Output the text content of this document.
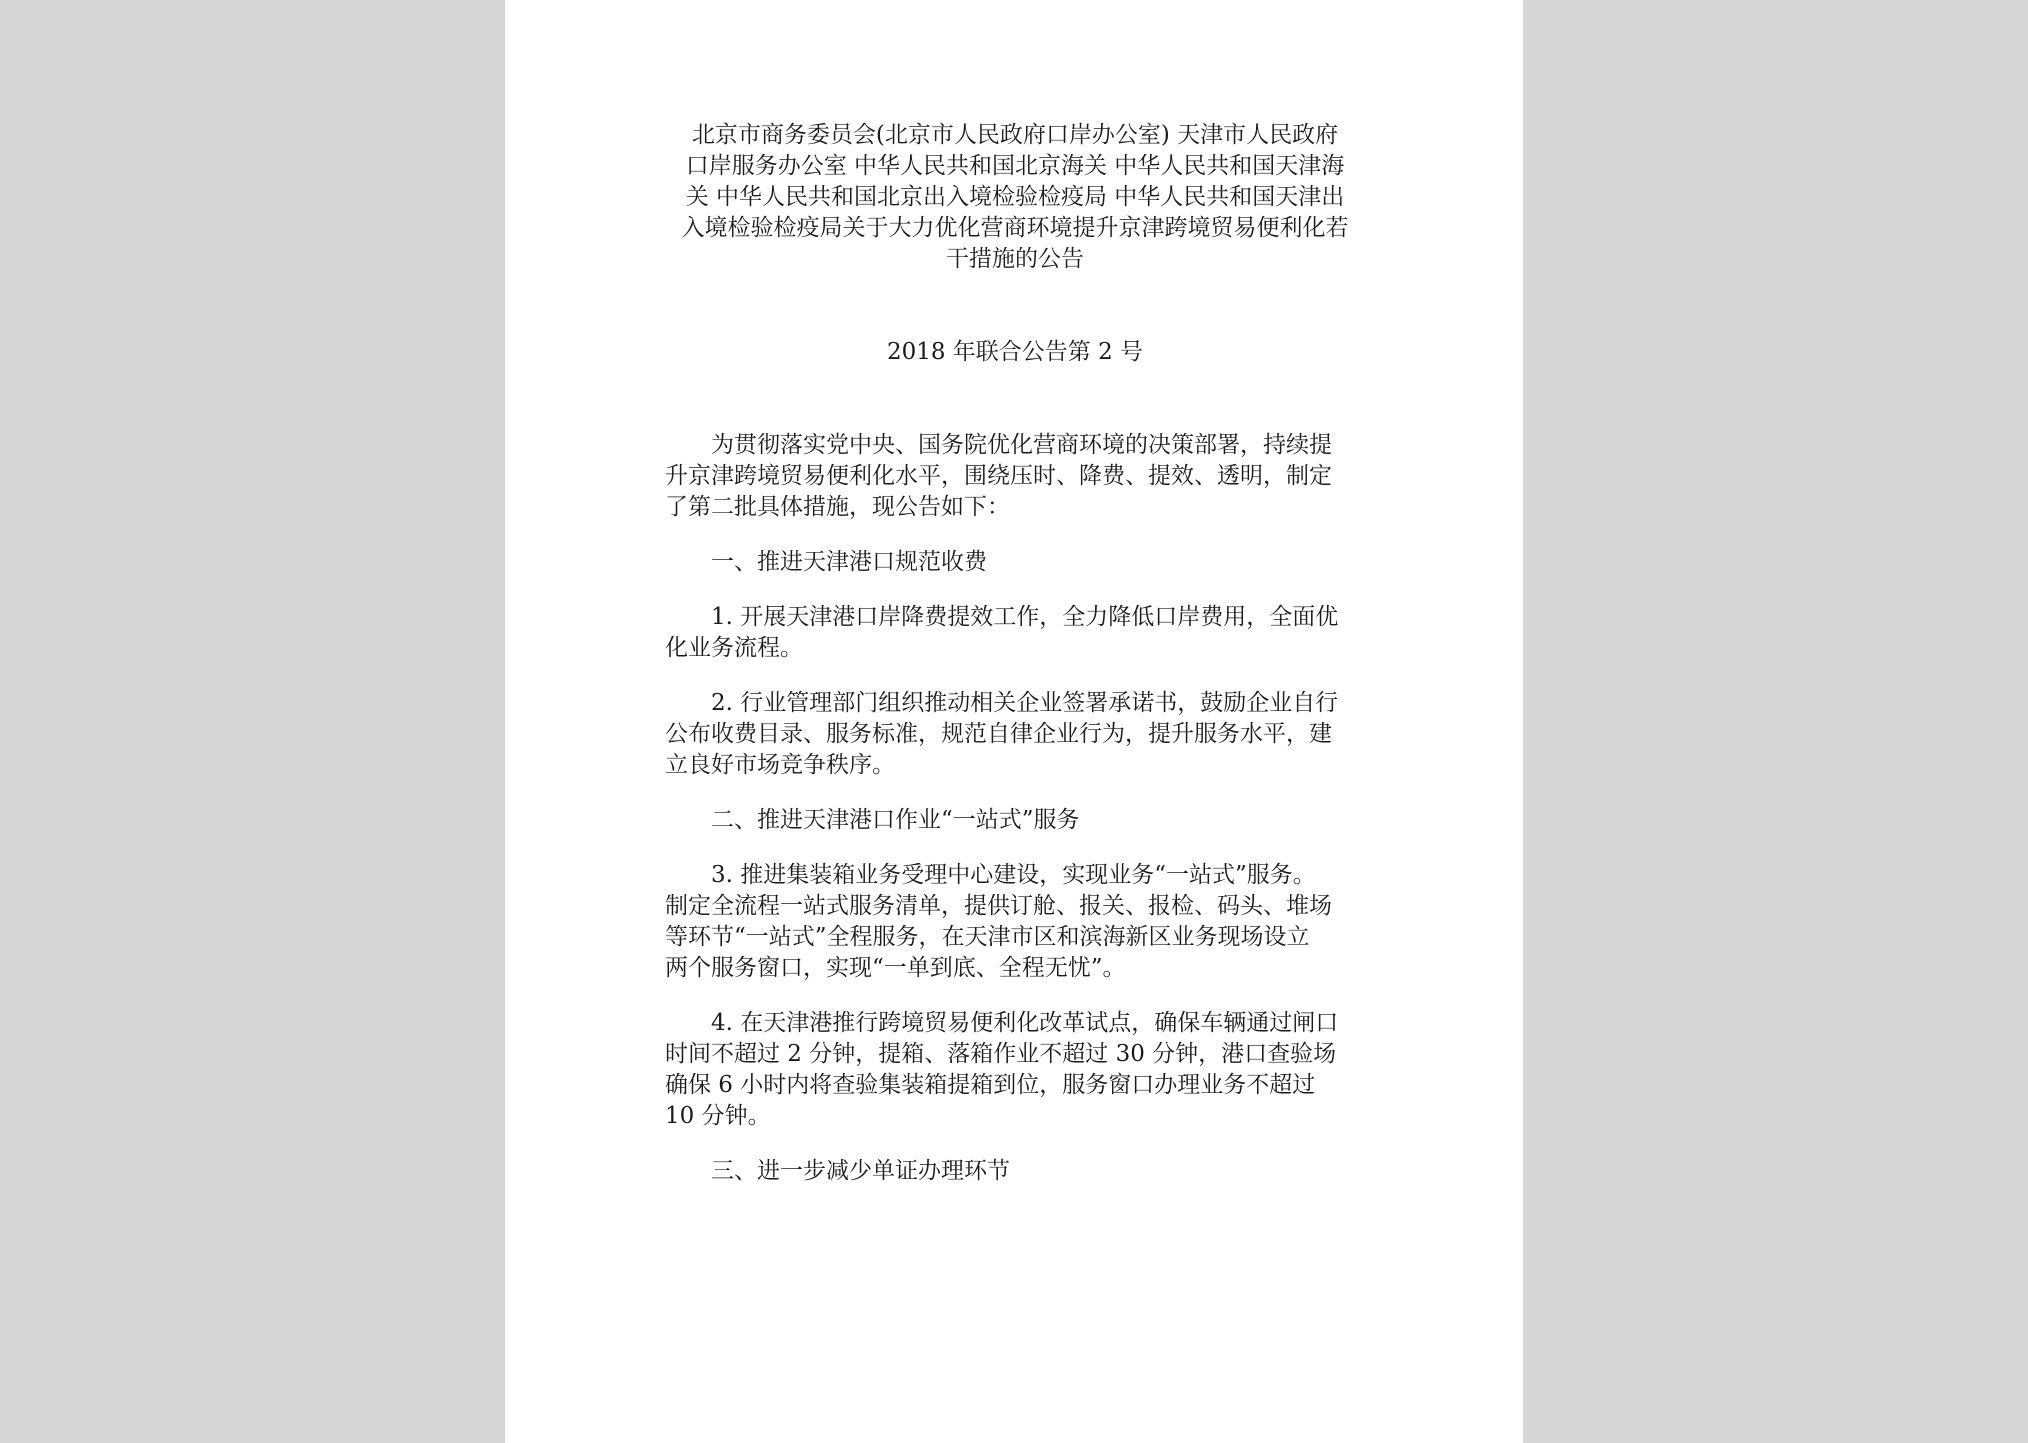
北京市商务委员会(北京市人民政府口岸办公室) 天津市人民政府
口岸服务办公室 中华人民共和国北京海关 中华人民共和国天津海
关 中华人民共和国北京出入境检验检疫局 中华人民共和国天津出
入境检验检疫局关于大力优化营商环境提升京津跨境贸易便利化若
干措施的公告
2018 年联合公告第 2 号

为贯彻落实党中央、国务院优化营商环境的决策部署，持续提
升京津跨境贸易便利化水平，围绕压时、降费、提效、透明，制定
了第二批具体措施，现公告如下：

一、推进天津港口规范收费

1. 开展天津港口岸降费提效工作，全力降低口岸费用，全面优
化业务流程。

2. 行业管理部门组织推动相关企业签署承诺书，鼓励企业自行
公布收费目录、服务标准，规范自律企业行为，提升服务水平，建
立良好市场竞争秩序。

二、推进天津港口作业“一站式”服务

3. 推进集装箱业务受理中心建设，实现业务“一站式”服务。
制定全流程一站式服务清单，提供订舱、报关、报检、码头、堆场
等环节“一站式”全程服务，在天津市区和滨海新区业务现场设立
两个服务窗口，实现“一单到底、全程无忧”。

4. 在天津港推行跨境贸易便利化改革试点，确保车辆通过闸口
时间不超过 2 分钟，提箱、落箱作业不超过 30 分钟，港口查验场
确保 6 小时内将查验集装箱提箱到位，服务窗口办理业务不超过
10 分钟。

三、进一步减少单证办理环节
